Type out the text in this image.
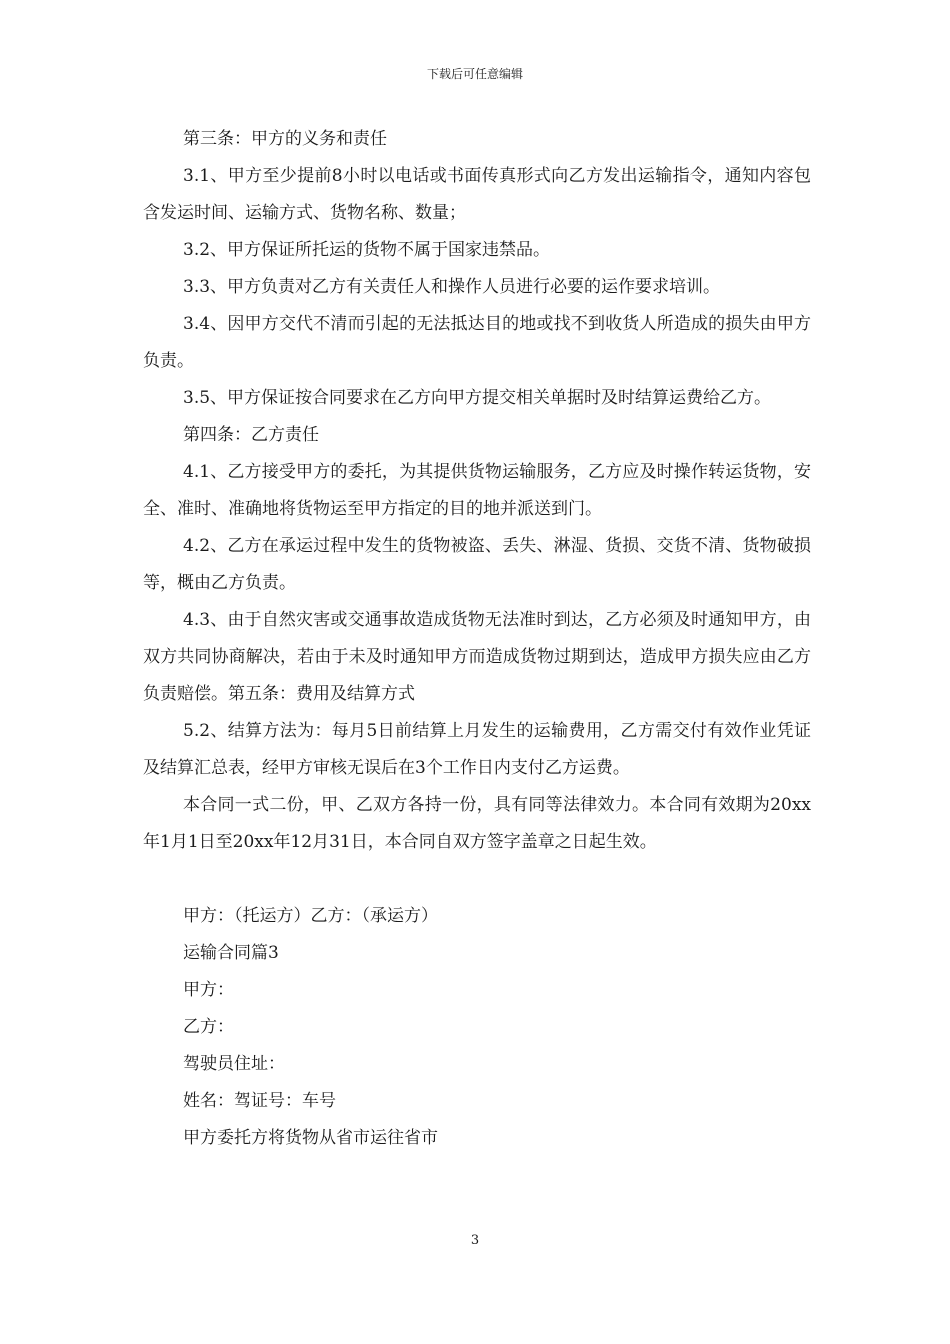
下载后可任意编辑

第三条：甲方的义务和责任

3.1、甲方至少提前8小时以电话或书面传真形式向乙方发出运输指令，通知内容包含发运时间、运输方式、货物名称、数量；

3.2、甲方保证所托运的货物不属于国家违禁品。

3.3、甲方负责对乙方有关责任人和操作人员进行必要的运作要求培训。

3.4、因甲方交代不清而引起的无法抵达目的地或找不到收货人所造成的损失由甲方负责。

3.5、甲方保证按合同要求在乙方向甲方提交相关单据时及时结算运费给乙方。

第四条：乙方责任

4.1、乙方接受甲方的委托，为其提供货物运输服务，乙方应及时操作转运货物，安全、准时、准确地将货物运至甲方指定的目的地并派送到门。

4.2、乙方在承运过程中发生的货物被盗、丢失、淋湿、货损、交货不清、货物破损等，概由乙方负责。

4.3、由于自然灾害或交通事故造成货物无法准时到达，乙方必须及时通知甲方，由双方共同协商解决，若由于未及时通知甲方而造成货物过期到达，造成甲方损失应由乙方负责赔偿。第五条：费用及结算方式

5.2、结算方法为：每月5日前结算上月发生的运输费用，乙方需交付有效作业凭证及结算汇总表，经甲方审核无误后在3个工作日内支付乙方运费。

本合同一式二份，甲、乙双方各持一份，具有同等法律效力。本合同有效期为20xx年1月1日至20xx年12月31日，本合同自双方签字盖章之日起生效。

甲方：（托运方）乙方：（承运方）

运输合同篇3

甲方：

乙方：

驾驶员住址：

姓名：驾证号：车号

甲方委托方将货物从省市运往省市

3
